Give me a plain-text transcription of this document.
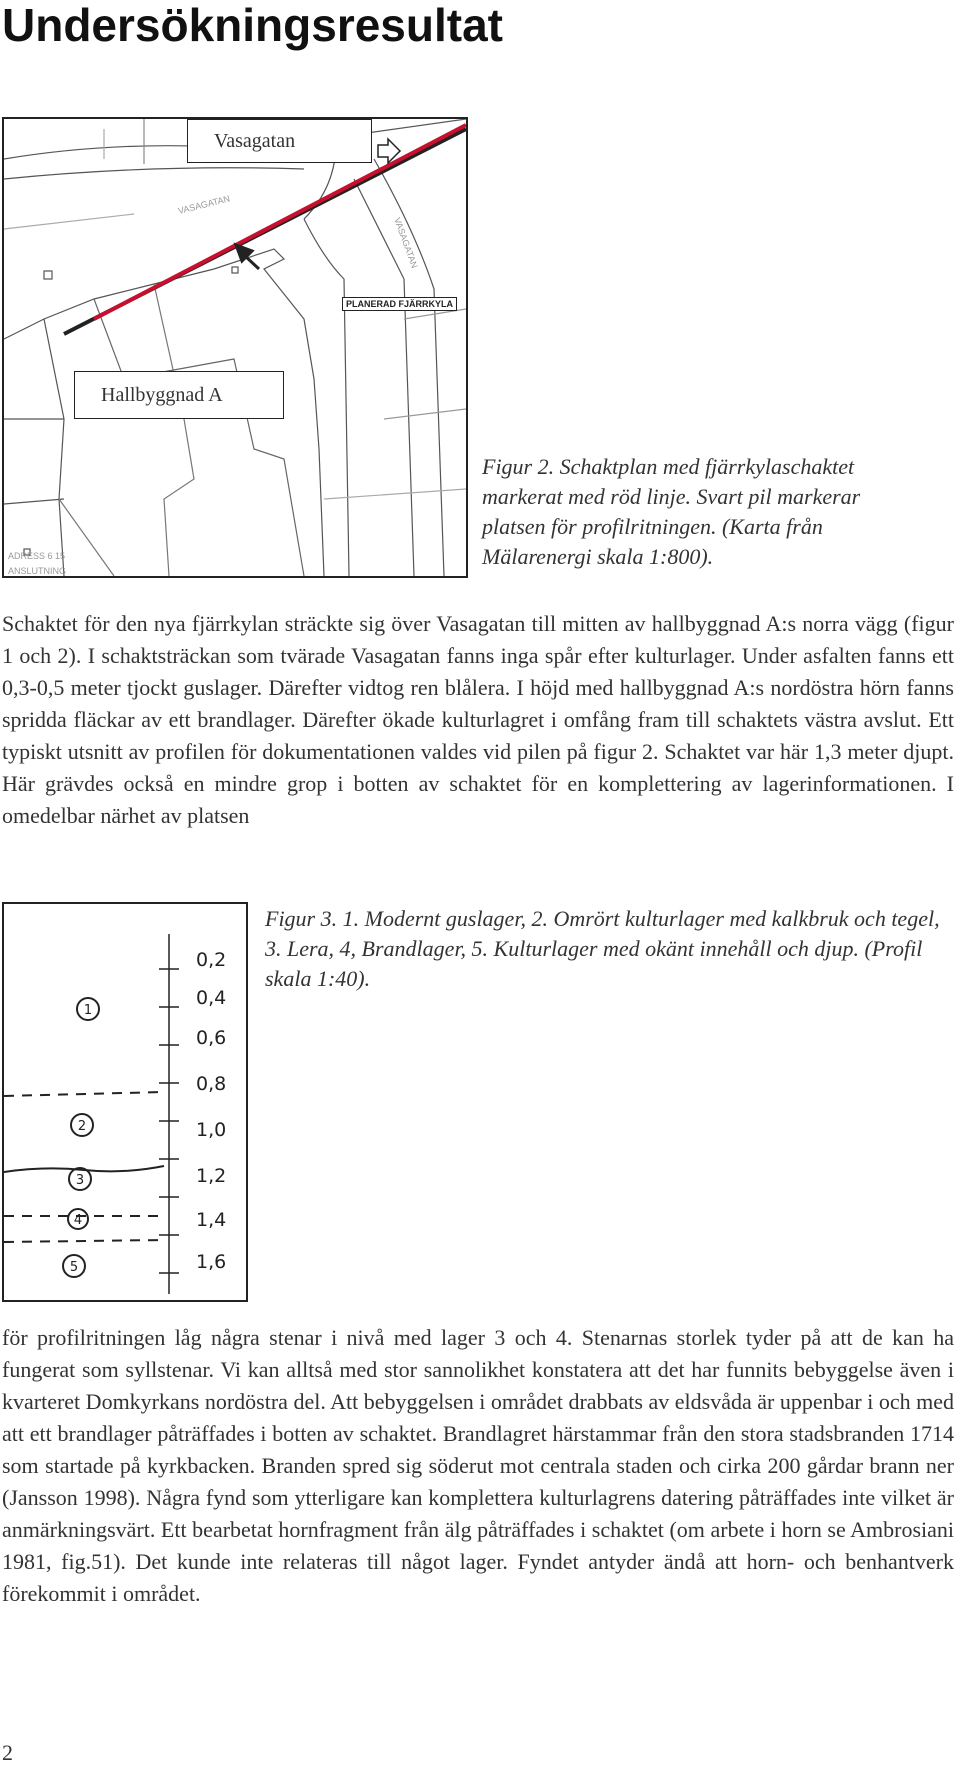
Undersökningsresultat
VASAGATAN
VASAGATAN
ADRESS 6 15
ANSLUTNING
Vasagatan
Hallbyggnad A
PLANERAD FJÄRRKYLA
Figur 2. Schaktplan med fjärrkylaschaktet markerat med röd linje. Svart pil markerar platsen för profilritningen. (Karta från Mälarenergi skala 1:800).

Schaktet för den nya fjärrkylan sträckte sig över Vasagatan till mitten av hallbyggnad A:s norra vägg (figur 1 och 2). I schaktsträckan som tvärade Vasagatan fanns inga spår efter kulturlager. Under asfalten fanns ett 0,3-0,5 meter tjockt guslager. Därefter vidtog ren blålera. I höjd med hallbyggnad A:s nordöstra hörn fanns spridda fläckar av ett brandlager. Därefter ökade kulturlagret i omfång fram till schaktets västra avslut. Ett typiskt utsnitt av profilen för dokumentationen valdes vid pilen på figur 2. Schaktet var här 1,3 meter djupt. Här grävdes också en mindre grop i botten av schaktet för en komplettering av lagerinformationen. I omedelbar närhet av platsen

1
2
3
4
5
0,2
0,4
0,6
0,8
1,0
1,2
1,4
1,6
Figur 3. 1. Modernt guslager, 2. Omrört kulturlager med kalkbruk och tegel, 3. Lera, 4, Brandlager, 5. Kulturlager med okänt innehåll och djup. (Profil skala 1:40).

för profilritningen låg några stenar i nivå med lager 3 och 4. Stenarnas storlek tyder på att de kan ha fungerat som syllstenar. Vi kan alltså med stor sannolikhet konstatera att det har funnits bebyggelse även i kvarteret Domkyrkans nordöstra del. Att bebyggelsen i området drabbats av eldsvåda är uppenbar i och med att ett brandlager påträffades i botten av schaktet. Brandlagret härstammar från den stora stadsbranden 1714 som startade på kyrkbacken. Branden spred sig söderut mot centrala staden och cirka 200 gårdar brann ner (Jansson 1998). Några fynd som ytterligare kan komplettera kulturlagrens datering påträffades inte vilket är anmärkningsvärt. Ett bearbetat hornfragment från älg påträffades i schaktet (om arbete i horn se Ambrosiani 1981, fig.51). Det kunde inte relateras till något lager. Fyndet antyder ändå att horn- och benhantverk förekommit i området.

2
